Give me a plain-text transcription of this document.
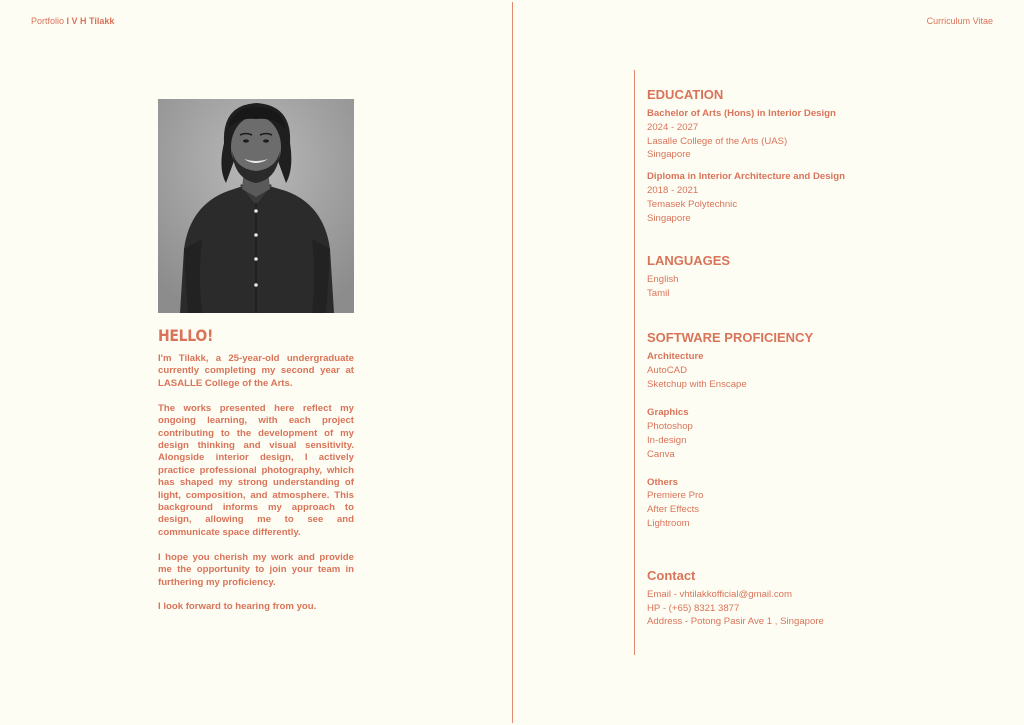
Portfolio I V H Tilakk	Curriculum Vitae
HELLO!

I'm Tilakk, a 25-year-old undergraduate currently completing my second year at LASALLE College of the Arts.

The works presented here reflect my ongoing learning, with each project contributing to the development of my design thinking and visual sensitivity. Alongside interior design, I actively practice professional photography, which has shaped my strong understanding of light, composition, and atmosphere. This background informs my approach to design, allowing me to see and communicate space differently.

I hope you cherish my work and provide me the opportunity to join your team in furthering my proficiency.

I look forward to hearing from you.

EDUCATION

Bachelor of Arts (Hons) in Interior Design

2024 - 2027

Lasalle College of the Arts (UAS)

Singapore

Diploma in Interior Architecture and Design

2018 - 2021

Temasek Polytechnic

Singapore

LANGUAGES

English

Tamil

SOFTWARE PROFICIENCY

Architecture

AutoCAD

Sketchup with Enscape

Graphics

Photoshop

In-design

Canva

Others

Premiere Pro

After Effects

Lightroom

Contact

Email - vhtilakkofficial@gmail.com

HP - (+65) 8321 3877

Address - Potong Pasir Ave 1 , Singapore
